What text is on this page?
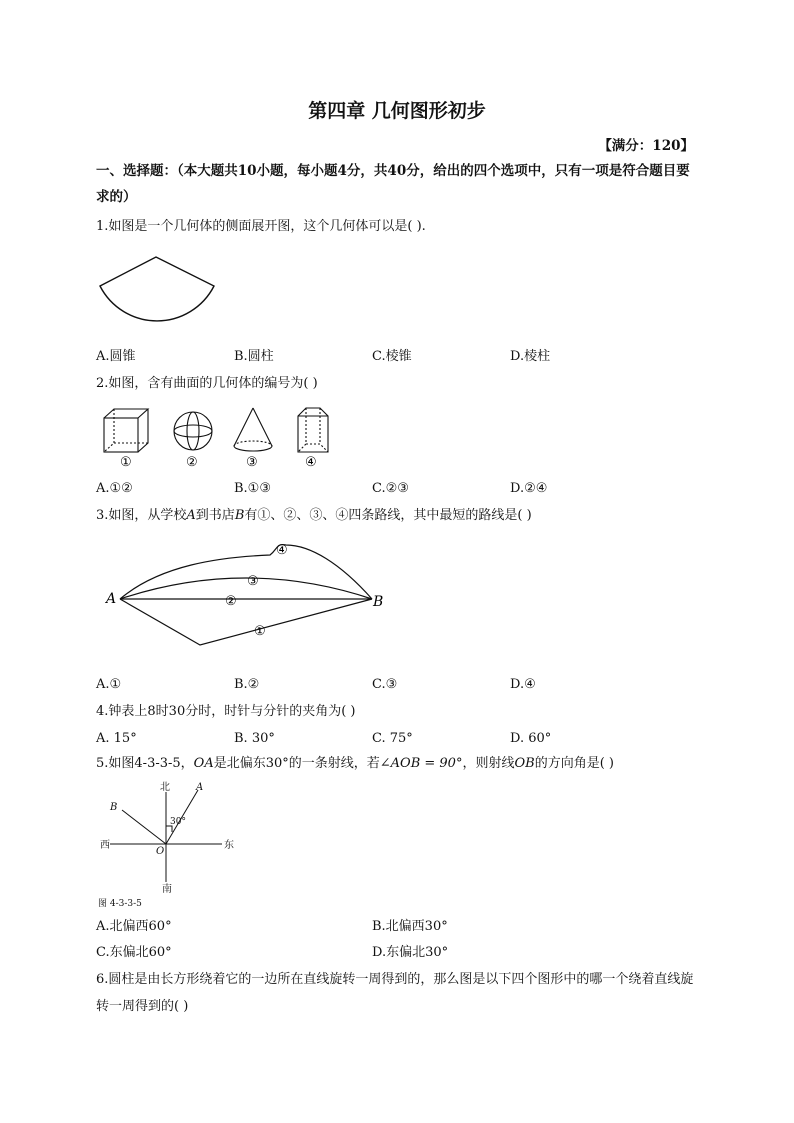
第四章 几何图形初步
【满分：120】
一、选择题：（本大题共10小题，每小题4分，共40分，给出的四个选项中，只有一项是符合题目要求的）
1.如图是一个几何体的侧面展开图，这个几何体可以是( ).
A.圆锥	B.圆柱	C.棱锥	D.棱柱
2.如图，含有曲面的几何体的编号为( )
①	②	③	④
A.①②	B.①③	C.②③	D.②④
3.如图，从学校A到书店B有①、②、③、④四条路线，其中最短的路线是( )
A	B
④
③
②
①
A.①	B.②	C.③	D.④
4.钟表上8时30分时，时针与分针的夹角为( )
A. 15°	B. 30°	C. 75°	D. 60°
5.如图4-3-3-5，OA是北偏东30°的一条射线，若∠AOB = 90°，则射线OB的方向角是( )
北
南
西	东
A
B
O
30°
图 4-3-3-5
A.北偏西60°	B.北偏西30°
C.东偏北60°	D.东偏北30°
6.圆柱是由长方形绕着它的一边所在直线旋转一周得到的，那么图是以下四个图形中的哪一个绕着直线旋转一周得到的( )
